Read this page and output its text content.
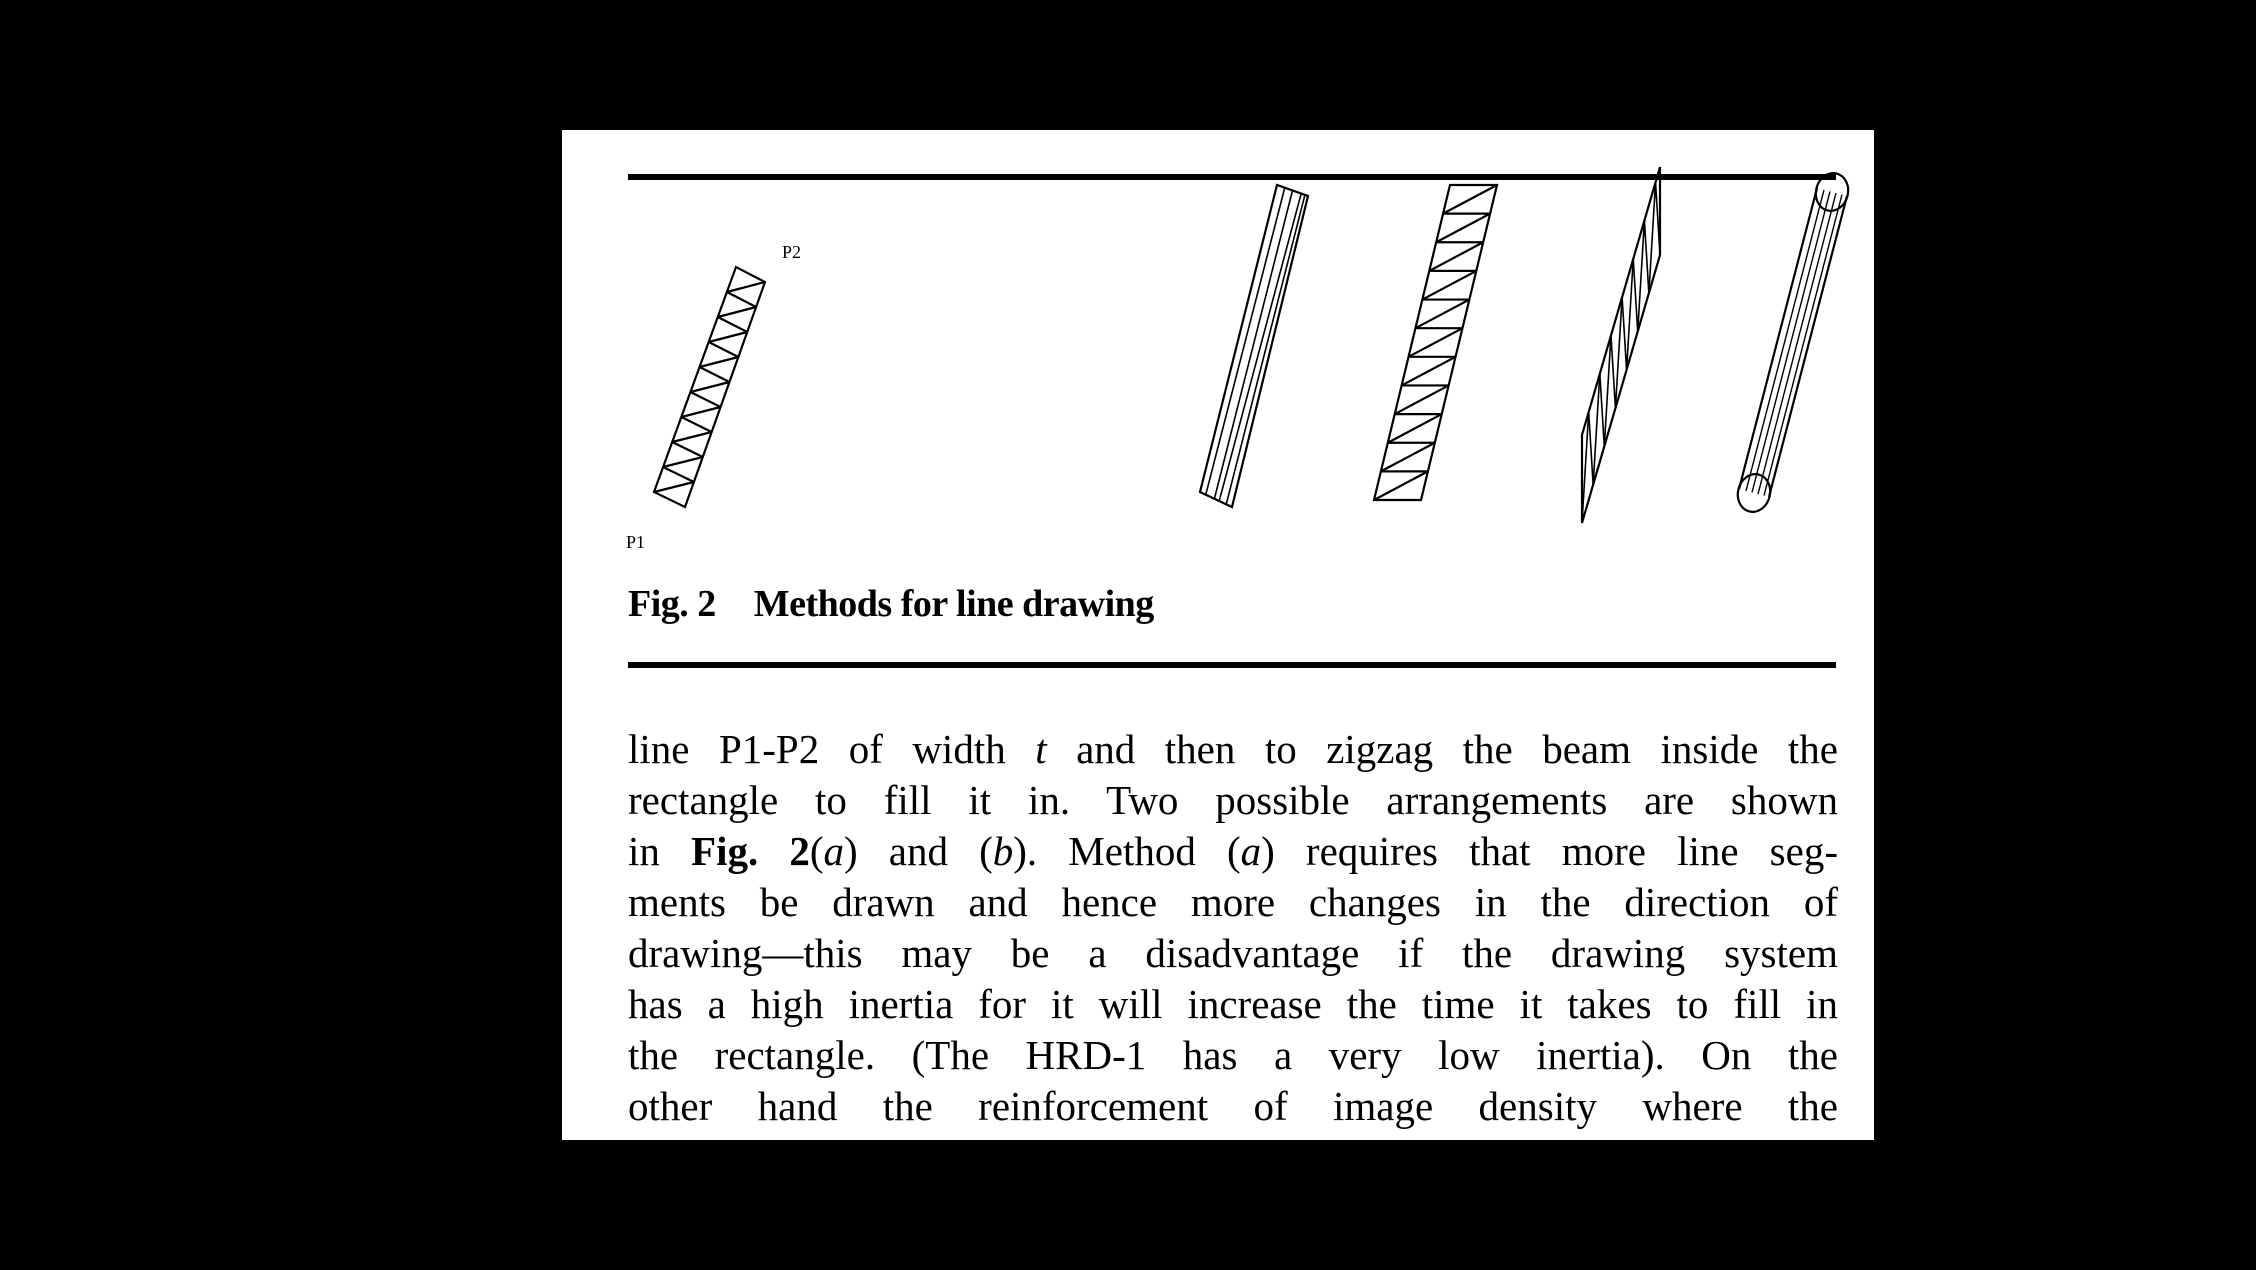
P2
P1
Fig. 2 Methods for line drawing
line P1-P2 of width t and then to zigzag the beam inside the
rectangle to fill it in. Two possible arrangements are shown
in Fig. 2(a) and (b). Method (a) requires that more line seg-
ments be drawn and hence more changes in the direction of
drawing—this may be a disadvantage if the drawing system
has a high inertia for it will increase the time it takes to fill in
the rectangle. (The HRD-1 has a very low inertia). On the
other hand the reinforcement of image density where the
